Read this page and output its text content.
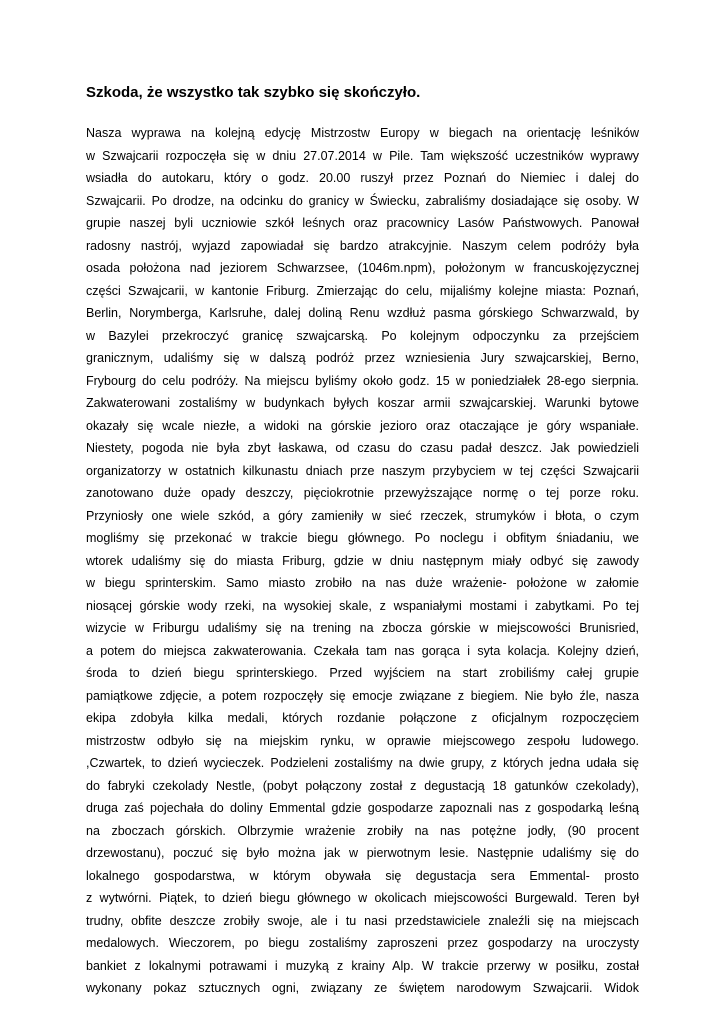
Szkoda, że wszystko tak szybko się skończyło.
Nasza wyprawa na kolejną edycję Mistrzostw Europy w biegach na orientację leśników
w Szwajcarii rozpoczęła się w dniu 27.07.2014 w Pile. Tam większość uczestników wyprawy
wsiadła do autokaru, który o godz. 20.00 ruszył przez Poznań do Niemiec i dalej do
Szwajcarii. Po drodze, na odcinku do granicy w Świecku, zabraliśmy dosiadające się osoby. W
grupie naszej byli uczniowie szkół leśnych oraz pracownicy Lasów Państwowych. Panował
radosny nastrój, wyjazd zapowiadał się bardzo atrakcyjnie. Naszym celem podróży była
osada położona nad jeziorem Schwarzsee, (1046m.npm), położonym w francuskojęzycznej
części Szwajcarii, w kantonie Friburg. Zmierzając do celu, mijaliśmy kolejne miasta: Poznań,
Berlin, Norymberga, Karlsruhe, dalej doliną Renu wzdłuż pasma górskiego Schwarzwald, by
w Bazylei przekroczyć granicę szwajcarską. Po kolejnym odpoczynku za przejściem
granicznym, udaliśmy się w dalszą podróż przez wzniesienia Jury szwajcarskiej, Berno,
Frybourg do celu podróży. Na miejscu byliśmy około godz. 15 w poniedziałek 28-ego sierpnia.
Zakwaterowani zostaliśmy w budynkach byłych koszar armii szwajcarskiej. Warunki bytowe
okazały się wcale niezłe, a widoki na górskie jezioro oraz otaczające je góry wspaniałe.
Niestety, pogoda nie była zbyt łaskawa, od czasu do czasu padał deszcz. Jak powiedzieli
organizatorzy w ostatnich kilkunastu dniach prze naszym przybyciem w tej części Szwajcarii
zanotowano duże opady deszczy, pięciokrotnie przewyższające normę o tej porze roku.
Przyniosły one wiele szkód, a góry zamieniły w sieć rzeczek, strumyków i błota, o czym
mogliśmy się przekonać w trakcie biegu głównego. Po noclegu i obfitym śniadaniu, we
wtorek udaliśmy się do miasta Friburg, gdzie w dniu następnym miały odbyć się zawody
w biegu sprinterskim. Samo miasto zrobiło na nas duże wrażenie- położone w załomie
niosącej górskie wody rzeki, na wysokiej skale, z wspaniałymi mostami i zabytkami. Po tej
wizycie w Friburgu udaliśmy się na trening na zbocza górskie w miejscowości Brunisried,
a potem do miejsca zakwaterowania. Czekała tam nas gorąca i syta kolacja. Kolejny dzień,
środa to dzień biegu sprinterskiego. Przed wyjściem na start zrobiliśmy całej grupie
pamiątkowe zdjęcie, a potem rozpoczęły się emocje związane z biegiem. Nie było źle, nasza
ekipa zdobyła kilka medali, których rozdanie połączone z oficjalnym rozpoczęciem
mistrzostw odbyło się na miejskim rynku, w oprawie miejscowego zespołu ludowego.
,Czwartek, to dzień wycieczek. Podzieleni zostaliśmy na dwie grupy, z których jedna udała się
do fabryki czekolady Nestle, (pobyt połączony został z degustacją 18 gatunków czekolady),
druga zaś pojechała do doliny Emmental gdzie gospodarze zapoznali nas z gospodarką leśną
na zboczach górskich. Olbrzymie wrażenie zrobiły na nas potężne jodły, (90 procent
drzewostanu), poczuć się było można jak w pierwotnym lesie. Następnie udaliśmy się do
lokalnego gospodarstwa, w którym obywała się degustacja sera Emmental- prosto
z wytwórni. Piątek, to dzień biegu głównego w okolicach miejscowości Burgewald. Teren był
trudny, obfite deszcze zrobiły swoje, ale i tu nasi przedstawiciele znaleźli się na miejscach
medalowych. Wieczorem, po biegu zostaliśmy zaproszeni przez gospodarzy na uroczysty
bankiet z lokalnymi potrawami i muzyką z krainy Alp. W trakcie przerwy w posiłku, został
wykonany pokaz sztucznych ogni, związany ze świętem narodowym Szwajcarii. Widok
